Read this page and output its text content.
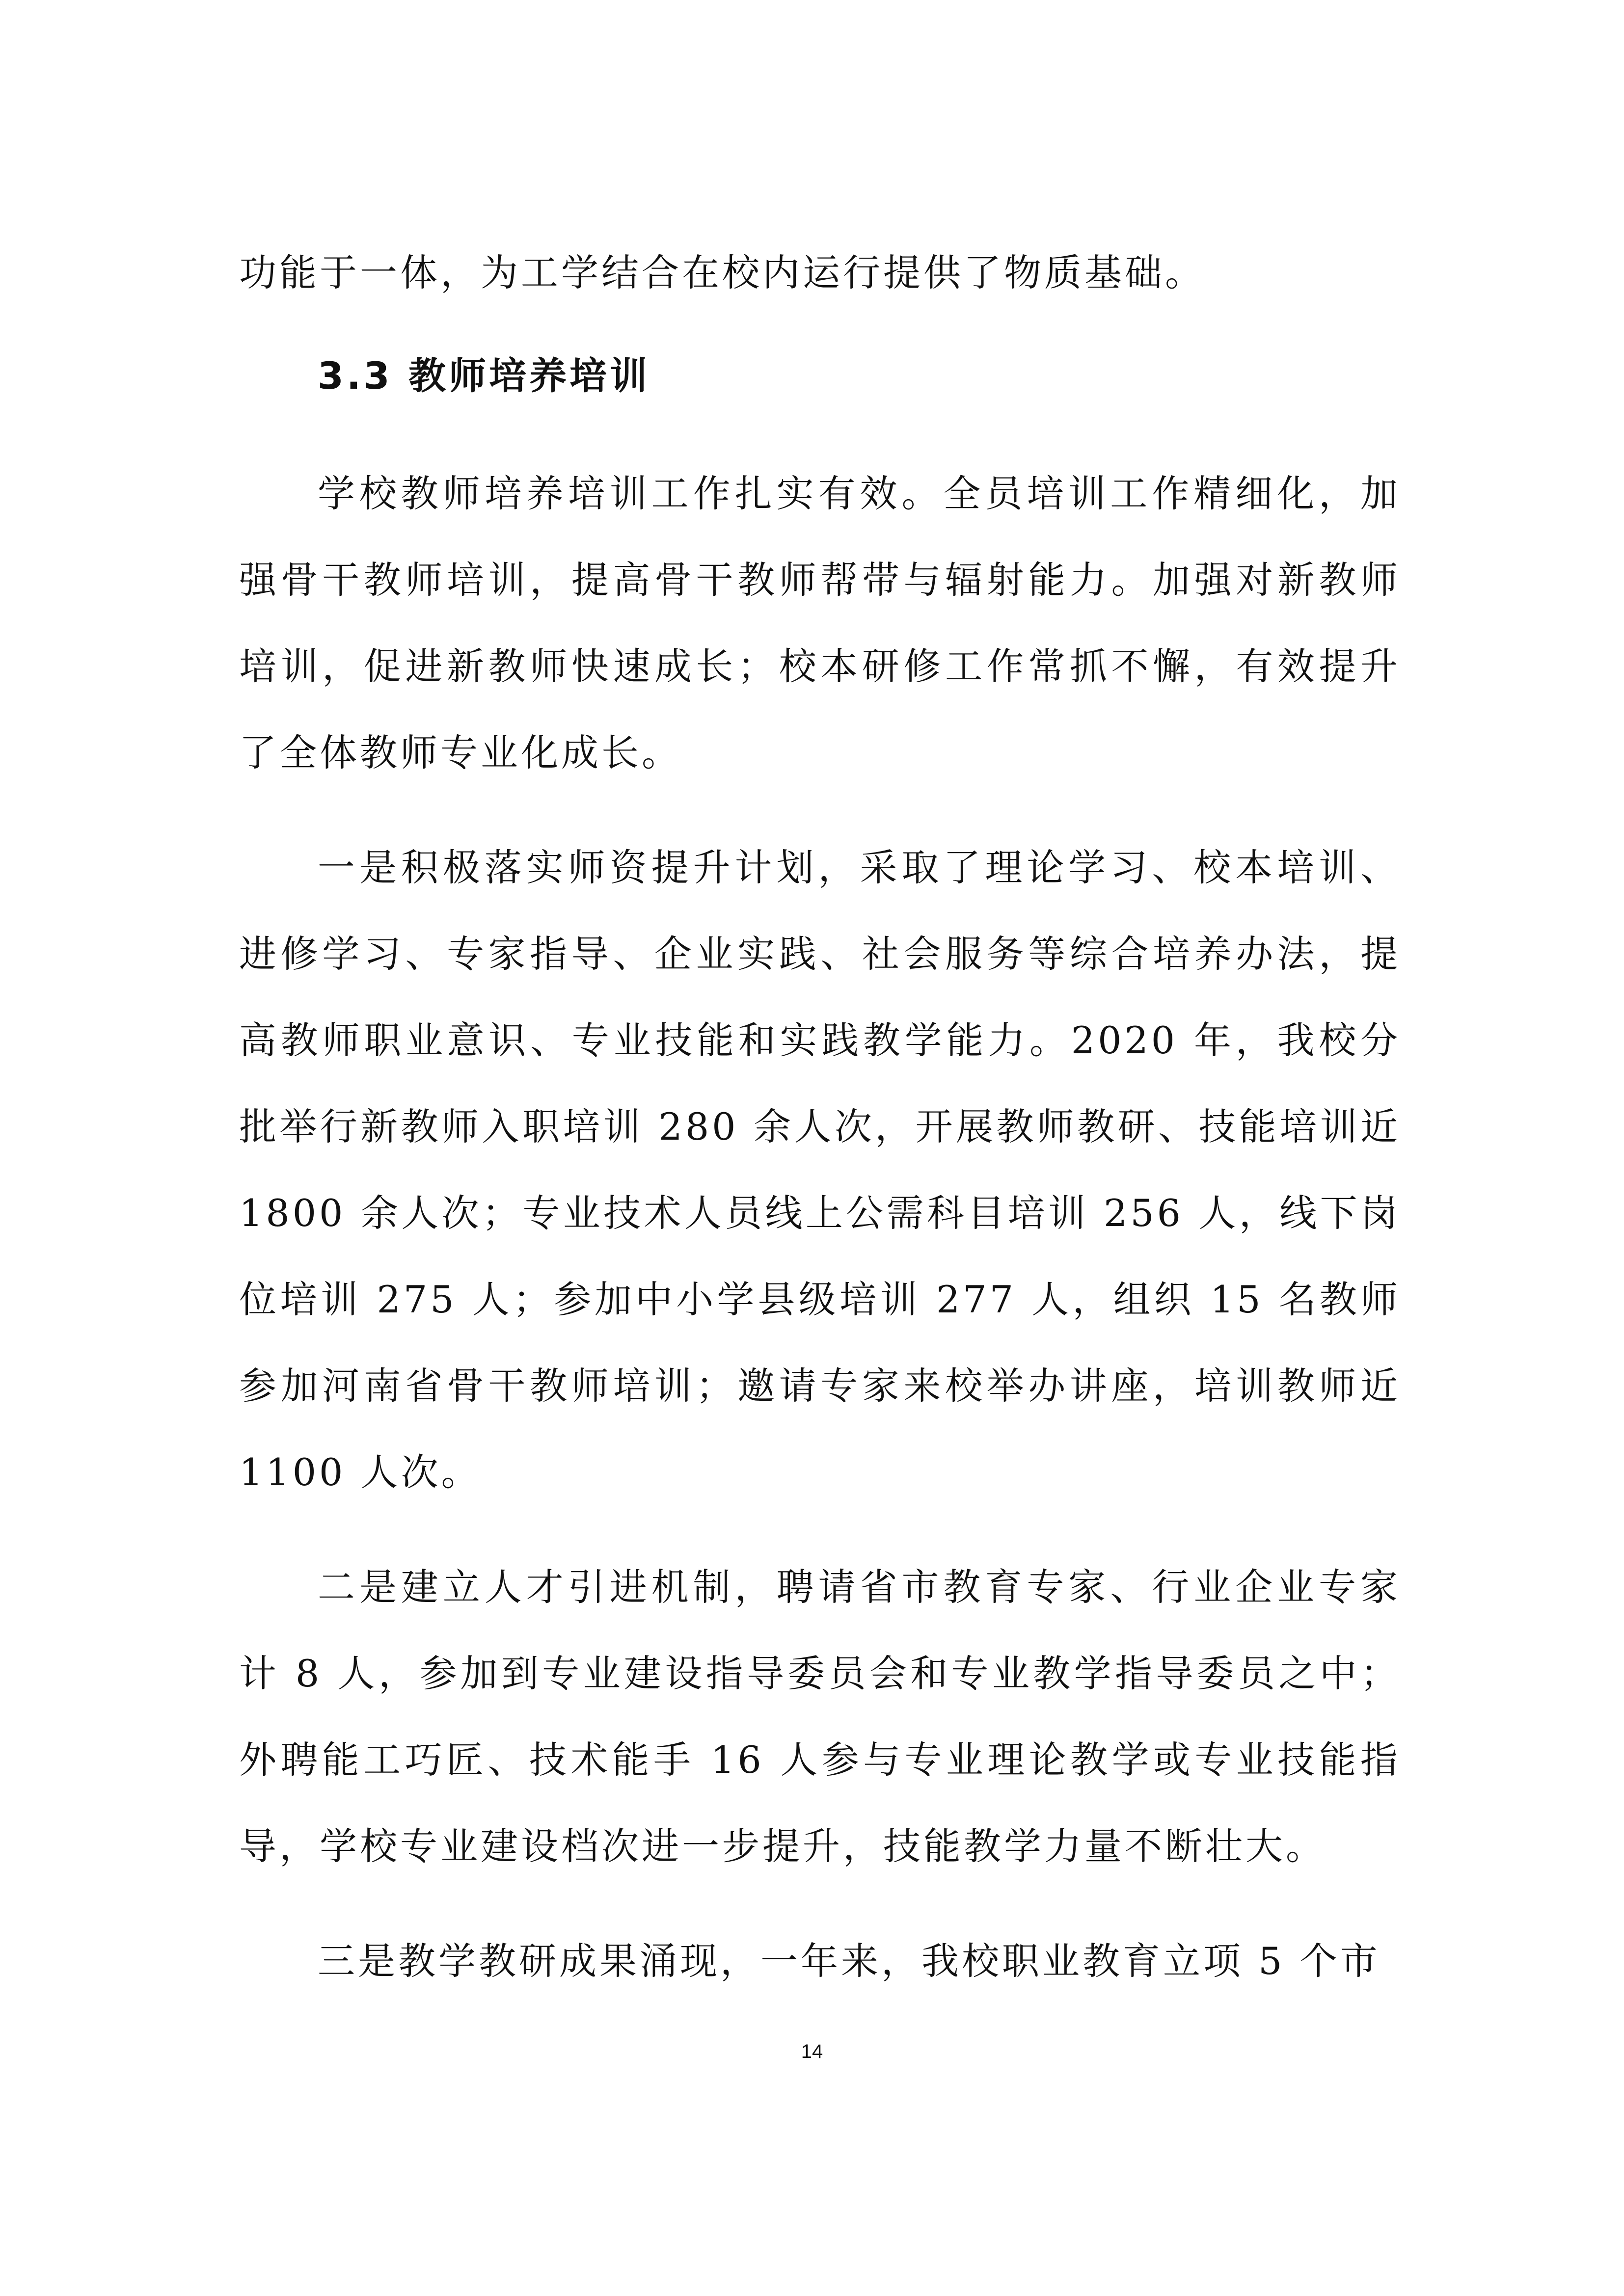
功能于一体，为工学结合在校内运行提供了物质基础。

3.3 教师培养培训

学校教师培养培训工作扎实有效。全员培训工作精细化，加强骨干教师培训，提高骨干教师帮带与辐射能力。加强对新教师培训，促进新教师快速成长；校本研修工作常抓不懈，有效提升了全体教师专业化成长。

一是积极落实师资提升计划，采取了理论学习、校本培训、进修学习、专家指导、企业实践、社会服务等综合培养办法，提高教师职业意识、专业技能和实践教学能力。2020 年，我校分批举行新教师入职培训 280 余人次，开展教师教研、技能培训近 1800 余人次；专业技术人员线上公需科目培训 256 人，线下岗位培训 275 人；参加中小学县级培训 277 人，组织 15 名教师参加河南省骨干教师培训；邀请专家来校举办讲座，培训教师近 1100 人次。

二是建立人才引进机制，聘请省市教育专家、行业企业专家计 8 人，参加到专业建设指导委员会和专业教学指导委员之中；外聘能工巧匠、技术能手 16 人参与专业理论教学或专业技能指导，学校专业建设档次进一步提升，技能教学力量不断壮大。

三是教学教研成果涌现，一年来，我校职业教育立项 5 个市

14
